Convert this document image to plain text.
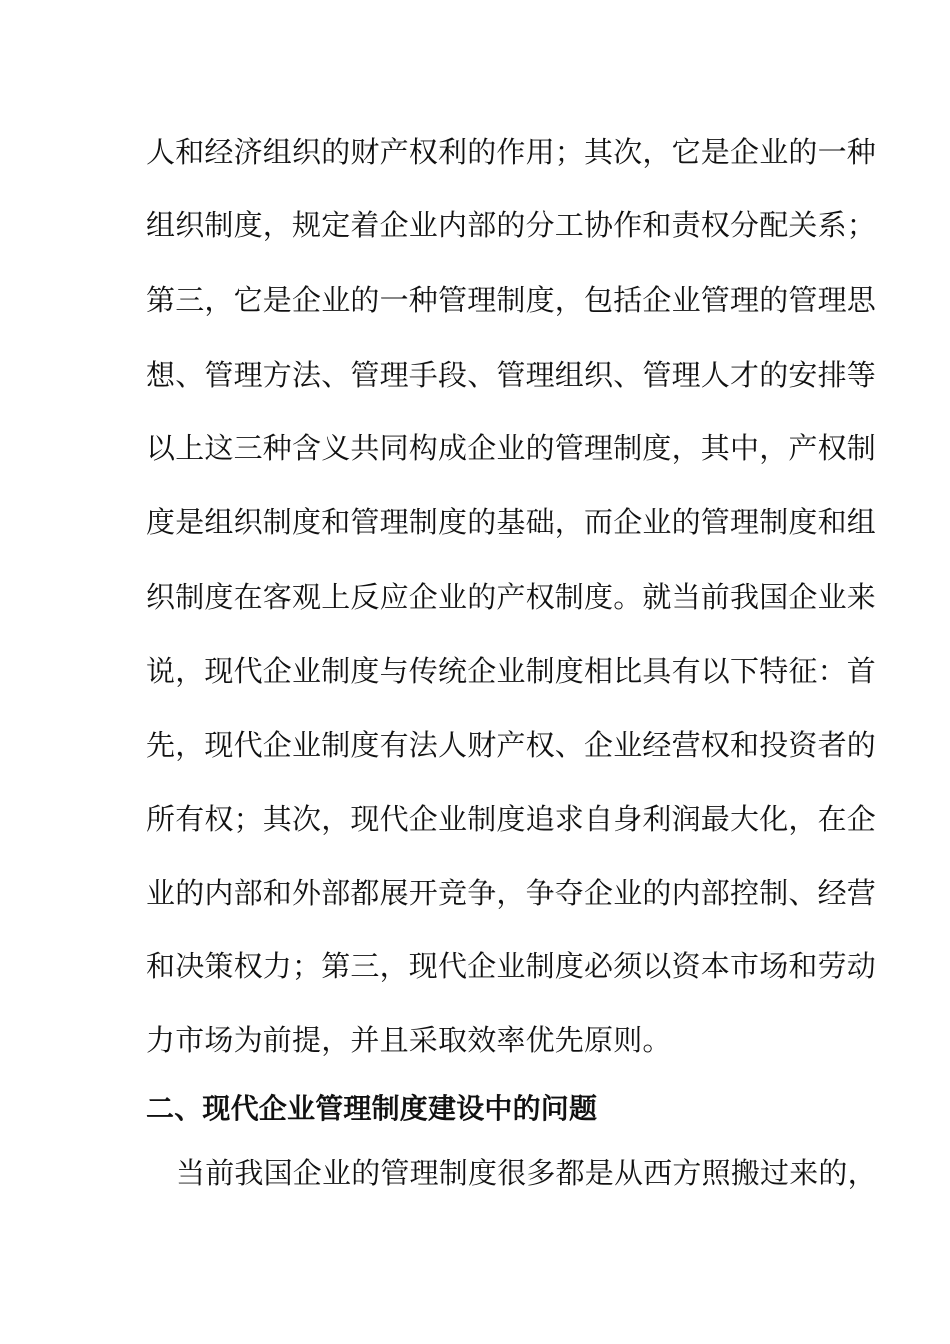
人和经济组织的财产权利的作用；其次，它是企业的一种
组织制度，规定着企业内部的分工协作和责权分配关系；
第三，它是企业的一种管理制度，包括企业管理的管理思
想、管理方法、管理手段、管理组织、管理人才的安排等
以上这三种含义共同构成企业的管理制度，其中，产权制
度是组织制度和管理制度的基础，而企业的管理制度和组
织制度在客观上反应企业的产权制度。就当前我国企业来
说，现代企业制度与传统企业制度相比具有以下特征：首
先，现代企业制度有法人财产权、企业经营权和投资者的
所有权；其次，现代企业制度追求自身利润最大化，在企
业的内部和外部都展开竞争，争夺企业的内部控制、经营
和决策权力；第三，现代企业制度必须以资本市场和劳动
力市场为前提，并且采取效率优先原则。
二、现代企业管理制度建设中的问题
当前我国企业的管理制度很多都是从西方照搬过来的，
